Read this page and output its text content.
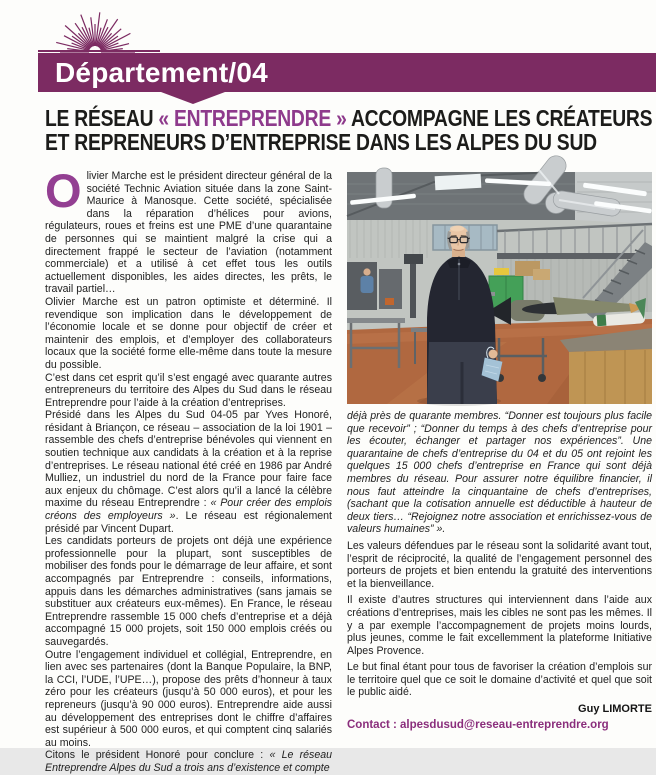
Département/04
LE RÉSEAU « ENTREPRENDRE » ACCOMPAGNE LES CRÉATEURS
ET REPRENEURS D’ENTREPRISE DANS LES ALPES DU SUD

Olivier Marche est le président directeur général de la société Technic Aviation située dans la zone Saint-Maurice à Manosque. Cette société, spécialisée dans la réparation d’hélices pour avions, régulateurs, roues et freins est une PME d’une quarantaine de personnes qui se maintient malgré la crise qui a directement frappé le secteur de l’aviation (notamment commerciale) et a utilisé à cet effet tous les outils actuellement disponibles, les aides directes, les prêts, le travail partiel…

Olivier Marche est un patron optimiste et déterminé. Il revendique son implication dans le développement de l’économie locale et se donne pour objectif de créer et maintenir des emplois, et d’employer des collaborateurs locaux que la société forme elle-même dans toute la mesure du possible.

C’est dans cet esprit qu’il s’est engagé avec quarante autres entrepreneurs du territoire des Alpes du Sud dans le réseau Entreprendre pour l’aide à la création d’entreprises.

Présidé dans les Alpes du Sud 04-05 par Yves Honoré, résidant à Briançon, ce réseau – association de la loi 1901 – rassemble des chefs d’entreprise bénévoles qui viennent en soutien technique aux candidats à la création et à la reprise d’entreprises. Le réseau national été créé en 1986 par André Mulliez, un industriel du nord de la France pour faire face aux enjeux du chômage. C’est alors qu’il a lancé la célèbre maxime du réseau Entreprendre : « Pour créer des emplois créons des employeurs ». Le réseau est régionalement présidé par Vincent Dupart.

Les candidats porteurs de projets ont déjà une expérience professionnelle pour la plupart, sont susceptibles de mobiliser des fonds pour le démarrage de leur affaire, et sont accompagnés par Entreprendre : conseils, informations, appuis dans les démarches administratives (sans jamais se substituer aux créateurs eux-mêmes). En France, le réseau Entreprendre rassemble 15 000 chefs d’entreprise et a déjà accompagné 15 000 projets, soit 150 000 emplois créés ou sauvegardés.

Outre l’engagement individuel et collégial, Entreprendre, en lien avec ses partenaires (dont la Banque Populaire, la BNP, la CCI, l’UDE, l’UPE…), propose des prêts d’honneur à taux zéro pour les créateurs (jusqu’à 50 000 euros), et pour les repreneurs (jusqu’à 90 000 euros). Entreprendre aide aussi au développement des entreprises dont le chiffre d’affaires est supérieur à 500 000 euros, et qui comptent cinq salariés au moins.

Citons le président Honoré pour conclure : « Le réseau Entreprendre Alpes du Sud a trois ans d’existence et compte

déjà près de quarante membres. “Donner est toujours plus facile que recevoir” ; “Donner du temps à des chefs d’entreprise pour les écouter, échanger et partager nos expériences”. Une quarantaine de chefs d’entreprise du 04 et du 05 ont rejoint les quelques 15 000 chefs d’entreprise en France qui sont déjà membres du réseau. Pour assurer notre équilibre financier, il nous faut atteindre la cinquantaine de chefs d’entreprises, (sachant que la cotisation annuelle est déductible à hauteur de deux tiers… “Rejoignez notre association et enrichissez-vous de valeurs humaines” ».

Les valeurs défendues par le réseau sont la solidarité avant tout, l’esprit de réciprocité, la qualité de l’engagement personnel des porteurs de projets et bien entendu la gratuité des interventions et la bienveillance.

Il existe d’autres structures qui interviennent dans l’aide aux créations d’entreprises, mais les cibles ne sont pas les mêmes. Il y a par exemple l’accompagnement de projets moins lourds, plus jeunes, comme le fait excellemment la plateforme Initiative Alpes Provence.

Le but final étant pour tous de favoriser la création d’emplois sur le territoire quel que ce soit le domaine d’activité et quel que soit le public aidé.

Guy LIMORTE
Contact : alpesdusud@reseau-entreprendre.org
